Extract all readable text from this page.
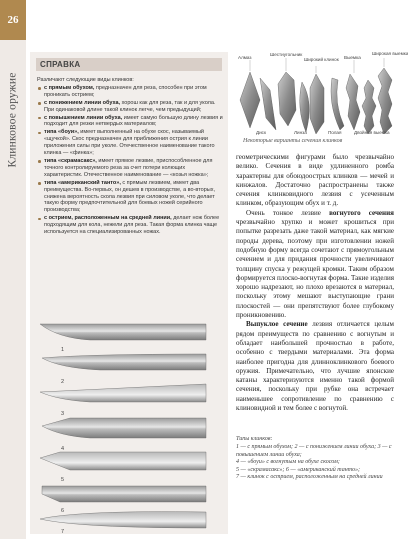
26
Клинковое оружие
СПРАВКА

Различают следующие виды клинков:

с прямым обухом, предназначен для реза, способен при этом проникать острием;
с понижением линии обуха, хорош как для реза, так и для укола. При одинаковой длине такой клинок легче, чем предыдущий;
с повышением линии обуха, имеет самую большую длину лезвия и подходит для резки нетвердых материалов;
типа «боуи», имеет выполненный на обухе скос, называемый «щучкой». Скос предназначен для приближения острия к линии приложения силы при уколе. Отечественное наименование такого клинка — «финка»;
типа «скрамасакс», имеет прямое лезвие, приспособленное для точного контролируемого реза за счет потери колющих характеристик. Отечественное наименование — «козья ножка»;
типа «американский танто», с прямым лезвием, имеет два преимущества. Во-первых, он дешев в производстве, а во-вторых, снижена вероятность скола лезвия при силовом уколе, что делает такую форму предпочтительной для боевых ножей серийного производства;
с острием, расположенным на средней линии, делает нож более подходящим для кола, нежели для реза. Такая форма клинка чаще используется на специализированных ножах.
1
2
3
4
5
6
7
Алмаз
Шестиугольник
Широкий клинок Выемка
Широкая выемка
Диск	Линза	Полая	Двойная выемка
Некоторые варианты сечения клинков

геометрическими фигурами было чрезвычайно велико. Сечения в виде удлиненного ромба характерны для обоюдоострых клинков — мечей и кинжалов. Достаточно распространены также сечения клинковидного лезвия с усеченным клинком, образующим обух и т. д.

Очень тонкое лезвие вогнутого сечения чрезвычайно хрупко и может крошиться при попытке разрезать даже такой материал, как мягкие породы дерева, поэтому при изготовлении ножей подобную форму всегда сочетают с прямоугольным сечением и для придания прочности увеличивают толщину спуска у режущей кромки. Таким образом формируется плоско-вогнутая форма. Такие изделия хорошо надрезают, но плохо врезаются в материал, поскольку этому мешают выступающие грани плоскостей — они препятствуют более глубокому проникновению.

Выпуклое сечение лезвия отличается целым рядом преимуществ по сравнению с вогнутым и обладает наибольшей прочностью в работе, особенно с твердыми материалами. Эта форма наиболее пригодна для длинноклинкового боевого оружия. Примечательно, что лучшие японские катаны характеризуются именно такой формой сечения, поскольку при рубке она встречает наименьшее сопротивление по сравнению с клиновидной и тем более с вогнутой.

Типы клинков:
1 — с прямым обухом; 2 — с понижением линии обуха; 3 — с повышением линии обуха;
4 — «боуи» с вогнутым на обухе скосом;
5 — «скрамасакс»; 6 — «американский танто»;
7 — клинок с острием, расположенным на средней линии
